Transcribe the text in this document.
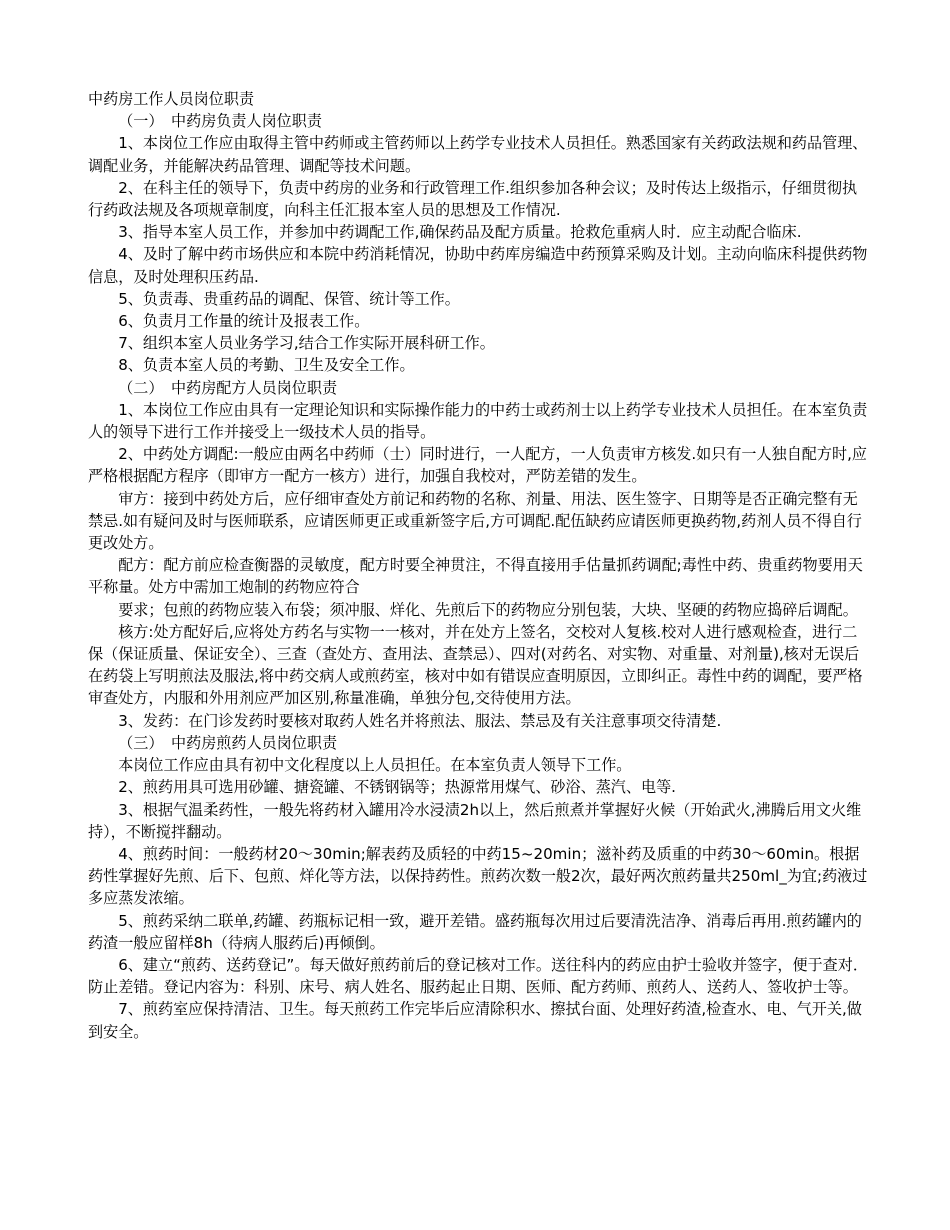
中药房工作人员岗位职责

（一）　中药房负责人岗位职责

1、本岗位工作应由取得主管中药师或主管药师以上药学专业技术人员担任。熟悉国家有关药政法规和药品管理、调配业务，并能解决药品管理、调配等技术问题。

2、在科主任的领导下，负责中药房的业务和行政管理工作.组织参加各种会议；及时传达上级指示，仔细贯彻执行药政法规及各项规章制度，向科主任汇报本室人员的思想及工作情况.

3、指导本室人员工作，并参加中药调配工作,确保药品及配方质量。抢救危重病人时．应主动配合临床.

4、及时了解中药市场供应和本院中药消耗情况，协助中药库房编造中药预算采购及计划。主动向临床科提供药物信息，及时处理积压药品.

5、负责毒、贵重药品的调配、保管、统计等工作。

6、负责月工作量的统计及报表工作。

7、组织本室人员业务学习,结合工作实际开展科研工作。

8、负责本室人员的考勤、卫生及安全工作。

（二）　中药房配方人员岗位职责

1、本岗位工作应由具有一定理论知识和实际操作能力的中药士或药剂士以上药学专业技术人员担任。在本室负责人的领导下进行工作并接受上一级技术人员的指导。

2、中药处方调配:一般应由两名中药师（士）同时进行，一人配方，一人负责审方核发.如只有一人独自配方时,应严格根据配方程序（即审方一配方一核方）进行，加强自我校对，严防差错的发生。

审方：接到中药处方后，应仔细审查处方前记和药物的名称、剂量、用法、医生签字、日期等是否正确完整有无禁忌.如有疑问及时与医师联系，应请医师更正或重新签字后,方可调配.配伍缺药应请医师更换药物,药剂人员不得自行更改处方。

配方：配方前应检查衡器的灵敏度，配方时要全神贯注，不得直接用手估量抓药调配;毒性中药、贵重药物要用天平称量。处方中需加工炮制的药物应符合

要求；包煎的药物应装入布袋；须冲服、烊化、先煎后下的药物应分别包装，大块、坚硬的药物应捣碎后调配。

核方:处方配好后,应将处方药名与实物一一核对，并在处方上签名，交校对人复核.校对人进行感观检查，进行二保（保证质量、保证安全）、三查（查处方、查用法、查禁忌）、四对(对药名、对实物、对重量、对剂量),核对无误后在药袋上写明煎法及服法,将中药交病人或煎药室，核对中如有错误应查明原因，立即纠正。毒性中药的调配，要严格审查处方，内服和外用剂应严加区别,称量准确，单独分包,交待使用方法。

3、发药：在门诊发药时要核对取药人姓名并将煎法、服法、禁忌及有关注意事项交待清楚.

（三）　中药房煎药人员岗位职责

本岗位工作应由具有初中文化程度以上人员担任。在本室负责人领导下工作。

2、煎药用具可选用砂罐、搪瓷罐、不锈钢锅等；热源常用煤气、砂浴、蒸汽、电等.

3、根据气温柔药性，一般先将药材入罐用冷水浸渍2h以上，然后煎煮并掌握好火候（开始武火,沸腾后用文火维持），不断搅拌翻动。

4、煎药时间：一般药材20～30min;解表药及质轻的中药15~20min；滋补药及质重的中药30～60min。根据药性掌握好先煎、后下、包煎、烊化等方法，以保持药性。煎药次数一般2次，最好两次煎药量共250ml_为宜;药液过多应蒸发浓缩。

5、煎药采纳二联单,药罐、药瓶标记相一致，避开差错。盛药瓶每次用过后要清洗洁净、消毒后再用.煎药罐内的药渣一般应留样8h（待病人服药后)再倾倒。

6、建立“煎药、送药登记”。每天做好煎药前后的登记核对工作。送往科内的药应由护士验收并签字，便于查对．防止差错。登记内容为：科别、床号、病人姓名、服药起止日期、医师、配方药师、煎药人、送药人、签收护士等。

7、煎药室应保持清洁、卫生。每天煎药工作完毕后应清除积水、擦拭台面、处理好药渣,检查水、电、气开关,做到安全。
